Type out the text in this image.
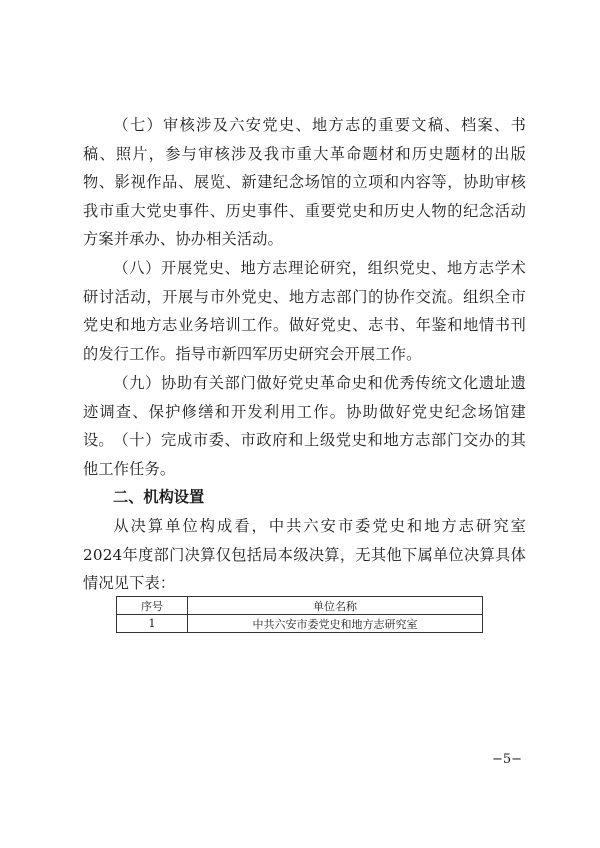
（七）审核涉及六安党史、地方志的重要文稿、档案、书稿、照片，参与审核涉及我市重大革命题材和历史题材的出版物、影视作品、展览、新建纪念场馆的立项和内容等，协助审核我市重大党史事件、历史事件、重要党史和历史人物的纪念活动方案并承办、协办相关活动。

（八）开展党史、地方志理论研究，组织党史、地方志学术研讨活动，开展与市外党史、地方志部门的协作交流。组织全市党史和地方志业务培训工作。做好党史、志书、年鉴和地情书刊的发行工作。指导市新四军历史研究会开展工作。

（九）协助有关部门做好党史革命史和优秀传统文化遗址遗迹调查、保护修缮和开发利用工作。协助做好党史纪念场馆建设。 （十）完成市委、市政府和上级党史和地方志部门交办的其他工作任务。

二、机构设置

从决算单位构成看，中共六安市委党史和地方志研究室 2024年度部门决算仅包括局本级决算，无其他下属单位决算具体情况见下表：

序号	单位名称
1	中共六安市委党史和地方志研究室
−5−
